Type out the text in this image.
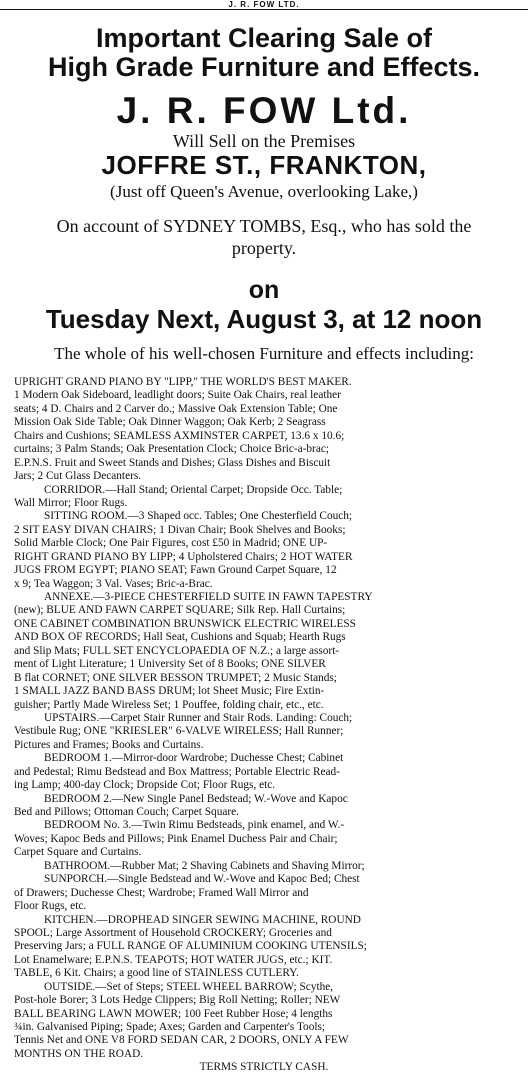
J. R. FOW LTD.
Important Clearing Sale of
High Grade Furniture and Effects.
J. R. FOW Ltd.
Will Sell on the Premises
JOFFRE ST., FRANKTON,
(Just off Queen's Avenue, overlooking Lake,)
On account of SYDNEY TOMBS, Esq., who has sold the
property.
on
Tuesday Next, August 3, at 12 noon
The whole of his well-chosen Furniture and effects including:
UPRIGHT GRAND PIANO BY "LIPP," THE WORLD'S BEST MAKER.
1 Modern Oak Sideboard, leadlight doors; Suite Oak Chairs, real leather
seats; 4 D. Chairs and 2 Carver do.; Massive Oak Extension Table; One
Mission Oak Side Table; Oak Dinner Waggon; Oak Kerb; 2 Seagrass
Chairs and Cushions; SEAMLESS AXMINSTER CARPET, 13.6 x 10.6;
curtains; 3 Palm Stands; Oak Presentation Clock; Choice Bric-a-brac;
E.P.N.S. Fruit and Sweet Stands and Dishes; Glass Dishes and Biscuit
Jars; 2 Cut Glass Decanters.
CORRIDOR.—Hall Stand; Oriental Carpet; Dropside Occ. Table;
Wall Mirror; Floor Rugs.
SITTING ROOM.—3 Shaped occ. Tables; One Chesterfield Couch;
2 SIT EASY DIVAN CHAIRS; 1 Divan Chair; Book Shelves and Books;
Solid Marble Clock; One Pair Figures, cost £50 in Madrid; ONE UP-
RIGHT GRAND PIANO BY LIPP; 4 Upholstered Chairs; 2 HOT WATER
JUGS FROM EGYPT; PIANO SEAT; Fawn Ground Carpet Square, 12
x 9; Tea Waggon; 3 Val. Vases; Bric-a-Brac.
ANNEXE.—3-PIECE CHESTERFIELD SUITE IN FAWN TAPESTRY
(new); BLUE AND FAWN CARPET SQUARE; Silk Rep. Hall Curtains;
ONE CABINET COMBINATION BRUNSWICK ELECTRIC WIRELESS
AND BOX OF RECORDS; Hall Seat, Cushions and Squab; Hearth Rugs
and Slip Mats; FULL SET ENCYCLOPAEDIA OF N.Z.; a large assort-
ment of Light Literature; 1 University Set of 8 Books; ONE SILVER
B flat CORNET; ONE SILVER BESSON TRUMPET; 2 Music Stands;
1 SMALL JAZZ BAND BASS DRUM; lot Sheet Music; Fire Extin-
guisher; Partly Made Wireless Set; 1 Pouffee, folding chair, etc., etc.
UPSTAIRS.—Carpet Stair Runner and Stair Rods. Landing: Couch;
Vestibule Rug; ONE "KRIESLER" 6-VALVE WIRELESS; Hall Runner;
Pictures and Frames; Books and Curtains.
BEDROOM 1.—Mirror-door Wardrobe; Duchesse Chest; Cabinet
and Pedestal; Rimu Bedstead and Box Mattress; Portable Electric Read-
ing Lamp; 400-day Clock; Dropside Cot; Floor Rugs, etc.
BEDROOM 2.—New Single Panel Bedstead; W.-Wove and Kapoc
Bed and Pillows; Ottoman Couch; Carpet Square.
BEDROOM No. 3.—Twin Rimu Bedsteads, pink enamel, and W.-
Woves; Kapoc Beds and Pillows; Pink Enamel Duchess Pair and Chair;
Carpet Square and Curtains.
BATHROOM.—Rubber Mat; 2 Shaving Cabinets and Shaving Mirror;
SUNPORCH.—Single Bedstead and W.-Wove and Kapoc Bed; Chest
of Drawers; Duchesse Chest; Wardrobe; Framed Wall Mirror and
Floor Rugs, etc.
KITCHEN.—DROPHEAD SINGER SEWING MACHINE, ROUND
SPOOL; Large Assortment of Household CROCKERY; Groceries and
Preserving Jars; a FULL RANGE OF ALUMINIUM COOKING UTENSILS;
Lot Enamelware; E.P.N.S. TEAPOTS; HOT WATER JUGS, etc.; KIT.
TABLE, 6 Kit. Chairs; a good line of STAINLESS CUTLERY.
OUTSIDE.—Set of Steps; STEEL WHEEL BARROW; Scythe,
Post-hole Borer; 3 Lots Hedge Clippers; Big Roll Netting; Roller; NEW
BALL BEARING LAWN MOWER; 100 Feet Rubber Hose; 4 lengths
¾in. Galvanised Piping; Spade; Axes; Garden and Carpenter's Tools;
Tennis Net and ONE V8 FORD SEDAN CAR, 2 DOORS, ONLY A FEW
MONTHS ON THE ROAD.
TERMS STRICTLY CASH.
